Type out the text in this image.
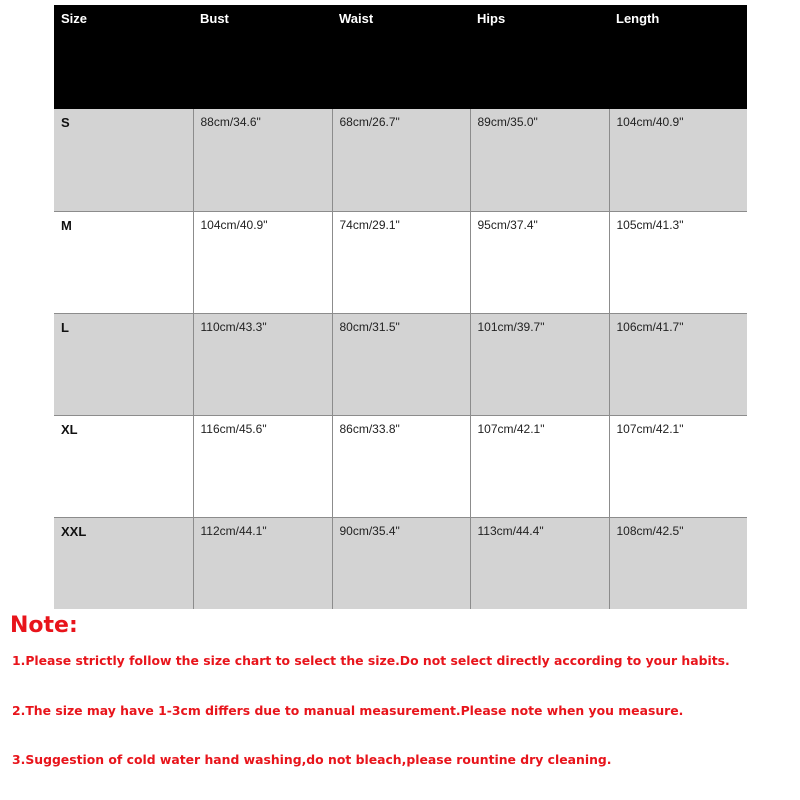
Size	Bust	Waist	Hips	Length
S	88cm/34.6"	68cm/26.7"	89cm/35.0"	104cm/40.9"
M	104cm/40.9"	74cm/29.1"	95cm/37.4"	105cm/41.3"
L	110cm/43.3"	80cm/31.5"	101cm/39.7"	106cm/41.7"
XL	116cm/45.6"	86cm/33.8"	107cm/42.1"	107cm/42.1"
XXL	112cm/44.1"	90cm/35.4"	113cm/44.4"	108cm/42.5"
Note:

1.Please strictly follow the size chart to select the size.Do not select directly according to your habits.

2.The size may have 1-3cm differs due to manual measurement.Please note when you measure.

3.Suggestion of cold water hand washing,do not bleach,please rountine dry cleaning.
